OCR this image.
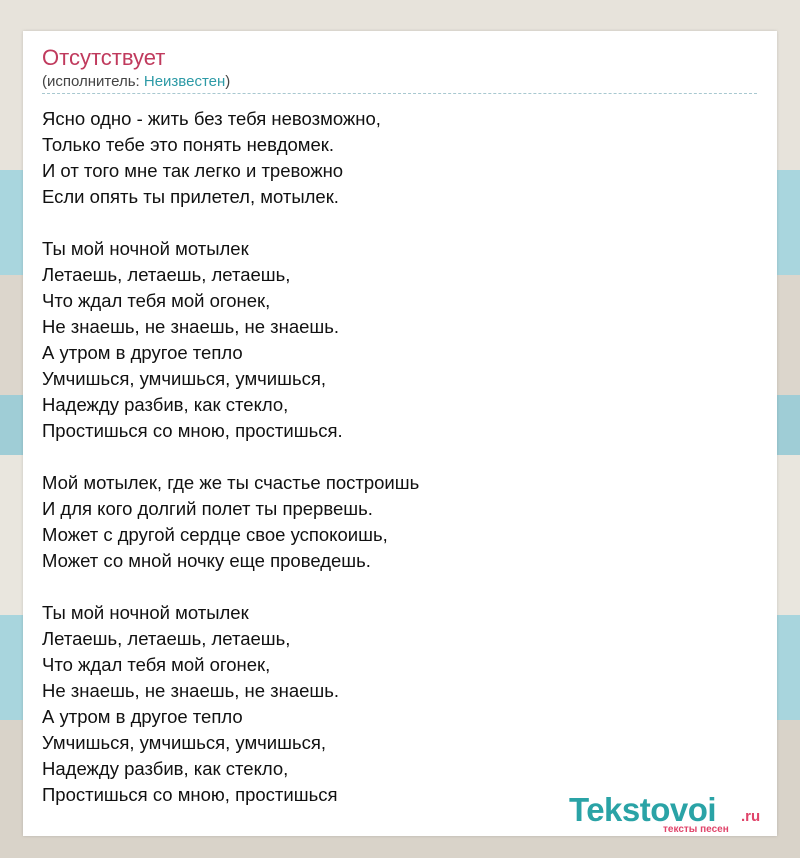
Отсутствует
(исполнитель: Неизвестен)
Ясно одно - жить без тебя невозможно,
Только тебе это понять невдомек.
И от того мне так легко и тревожно
Если опять ты прилетел, мотылек.
Ты мой ночной мотылек
Летаешь, летаешь, летаешь,
Что ждал тебя мой огонек,
Не знаешь, не знаешь, не знаешь.
А утром в другое тепло
Умчишься, умчишься, умчишься,
Надежду разбив, как стекло,
Простишься со мною, простишься.
Мой мотылек, где же ты счастье построишь
И для кого долгий полет ты прервешь.
Может с другой сердце свое успокоишь,
Может со мной ночку еще проведешь.
Ты мой ночной мотылек
Летаешь, летаешь, летаешь,
Что ждал тебя мой огонек,
Не знаешь, не знаешь, не знаешь.
А утром в другое тепло
Умчишься, умчишься, умчишься,
Надежду разбив, как стекло,
Простишься со мною, простишься	Tekstovoi .ru
тексты песен
